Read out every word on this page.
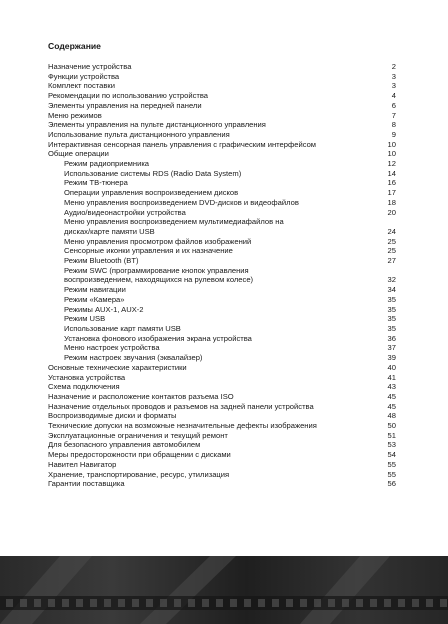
Содержание
Назначение устройства	2
Функции устройства	3
Комплект поставки	3
Рекомендации по использованию устройства	4
Элементы управления на передней панели	6
Меню режимов	7
Элементы управления на пульте дистанционного управления	8
Использование пульта дистанционного управления	9
Интерактивная сенсорная панель управления с графическим интерфейсом	10
Общие операции	10
Режим радиоприемника	12
Использование системы RDS (Radio Data System)	14
Режим ТВ-тюнера	16
Операции управления воспроизведением дисков	17
Меню управления воспроизведением DVD-дисков и видеофайлов	18
Аудио/видеонастройки устройства	20
Меню управления воспроизведением мультимедиафайлов на дисках/карте памяти USB	24
Меню управления просмотром файлов изображений	25
Сенсорные иконки управления и их назначение	25
Режим Bluetooth (BT)	27
Режим SWC (программирование кнопок управления воспроизведением, находящихся на рулевом колесе)	32
Режим навигации	34
Режим «Камера»	35
Режимы AUX-1, AUX-2	35
Режим USB	35
Использование карт памяти USB	35
Установка фонового изображения экрана устройства	36
Меню настроек устройства	37
Режим настроек звучания (эквалайзер)	39
Основные технические характеристики	40
Установка устройства	41
Схема подключения	43
Назначение и расположение контактов разъема ISO	45
Назначение отдельных проводов и разъемов на задней панели устройства	45
Воспроизводимые диски и форматы	48
Технические допуски на возможные незначительные дефекты изображения	50
Эксплуатационные ограничения и текущий ремонт	51
Для безопасного управления автомобилем	53
Меры предосторожности при обращении с дисками	54
Навител Навигатор	55
Хранение, транспортирование, ресурс, утилизация	55
Гарантии поставщика	56
